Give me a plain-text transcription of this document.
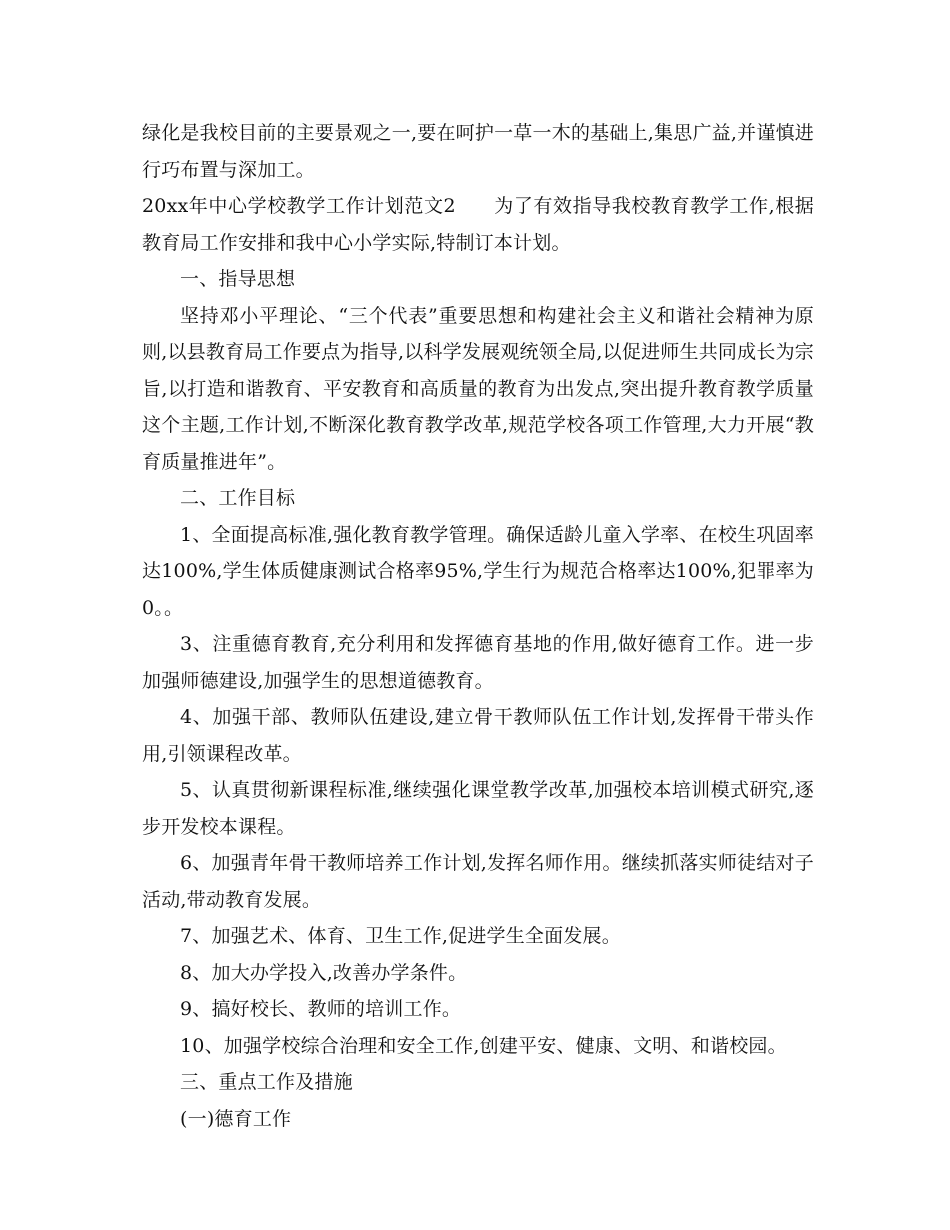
绿化是我校目前的主要景观之一,要在呵护一草一木的基础上,集思广益,并谨慎进行巧布置与深加工。

20xx年中心学校教学工作计划范文2 为了有效指导我校教育教学工作,根据教育局工作安排和我中心小学实际,特制订本计划。

一、指导思想

坚持邓小平理论、“三个代表”重要思想和构建社会主义和谐社会精神为原则,以县教育局工作要点为指导,以科学发展观统领全局,以促进师生共同成长为宗旨,以打造和谐教育、平安教育和高质量的教育为出发点,突出提升教育教学质量这个主题,工作计划,不断深化教育教学改革,规范学校各项工作管理,大力开展“教育质量推进年”。

二、工作目标

1、全面提高标准,强化教育教学管理。确保适龄儿童入学率、在校生巩固率达100%,学生体质健康测试合格率95%,学生行为规范合格率达100%,犯罪率为0。。

3、注重德育教育,充分利用和发挥德育基地的作用,做好德育工作。进一步加强师德建设,加强学生的思想道德教育。

4、加强干部、教师队伍建设,建立骨干教师队伍工作计划,发挥骨干带头作用,引领课程改革。

5、认真贯彻新课程标准,继续强化课堂教学改革,加强校本培训模式研究,逐步开发校本课程。

6、加强青年骨干教师培养工作计划,发挥名师作用。继续抓落实师徒结对子活动,带动教育发展。

7、加强艺术、体育、卫生工作,促进学生全面发展。

8、加大办学投入,改善办学条件。

9、搞好校长、教师的培训工作。

10、加强学校综合治理和安全工作,创建平安、健康、文明、和谐校园。

三、重点工作及措施

(一)德育工作
